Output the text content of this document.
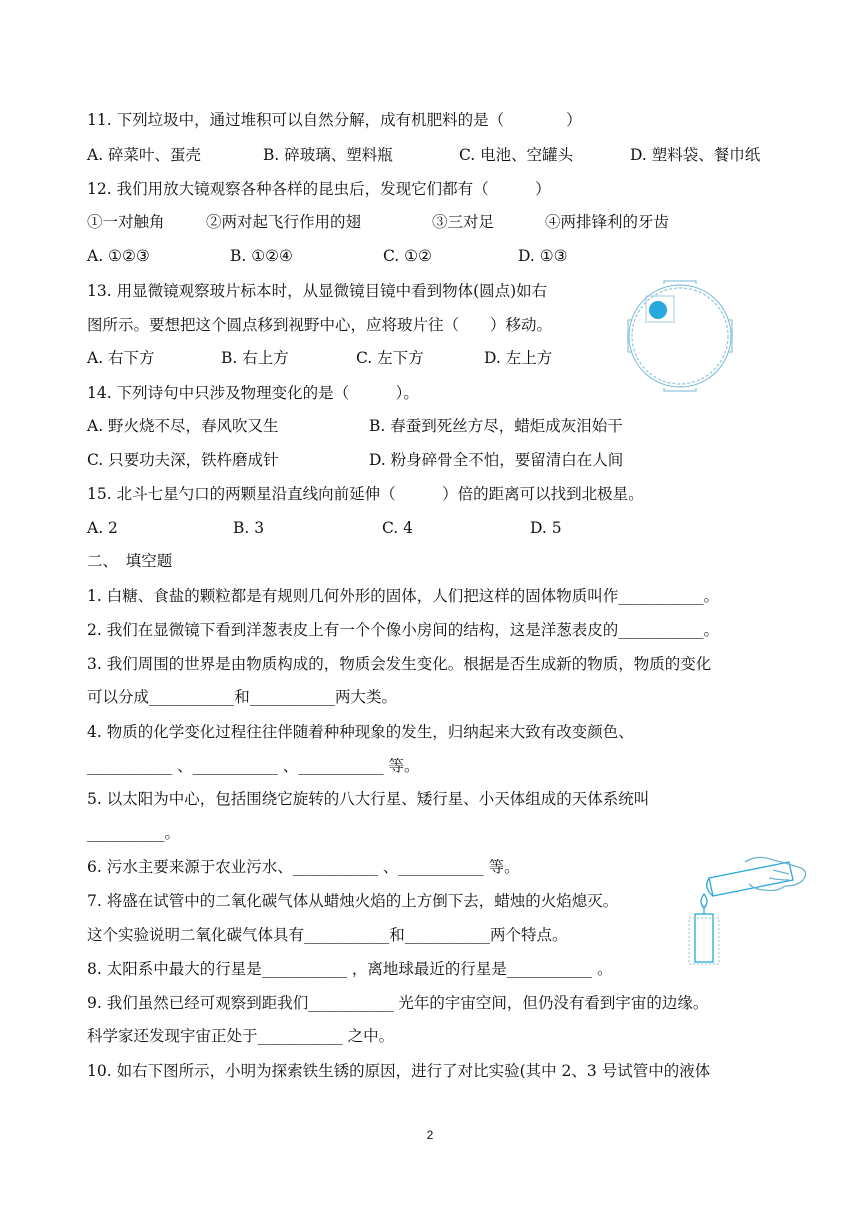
11. 下列垃圾中，通过堆积可以自然分解，成有机肥料的是（　　　　）
A. 碎菜叶、蛋壳	B. 碎玻璃、塑料瓶	C. 电池、空罐头	D. 塑料袋、餐巾纸
12. 我们用放大镜观察各种各样的昆虫后，发现它们都有（　　　）
①一对触角	②两对起飞行作用的翅	③三对足	④两排锋利的牙齿
A. ①②③	B. ①②④	C. ①②	D. ①③
13. 用显微镜观察玻片标本时，从显微镜目镜中看到物体(圆点)如右
图所示。要想把这个圆点移到视野中心，应将玻片往（　　）移动。
A. 右下方	B. 右上方	C. 左下方	D. 左上方
14. 下列诗句中只涉及物理变化的是（　　　）。
A. 野火烧不尽，春风吹又生	B. 春蚕到死丝方尽，蜡炬成灰泪始干
C. 只要功夫深，铁杵磨成针	D. 粉身碎骨全不怕，要留清白在人间
15. 北斗七星勺口的两颗星沿直线向前延伸（　　　）倍的距离可以找到北极星。
A. 2	B. 3	C. 4	D. 5
二、　填空题
1. 白糖、食盐的颗粒都是有规则几何外形的固体，人们把这样的固体物质叫作___________。
2. 我们在显微镜下看到洋葱表皮上有一个个像小房间的结构，这是洋葱表皮的___________。
3. 我们周围的世界是由物质构成的，物质会发生变化。根据是否生成新的物质，物质的变化
可以分成___________和___________两大类。
4. 物质的化学变化过程往往伴随着种种现象的发生，归纳起来大致有改变颜色、
___________ 、___________ 、___________ 等。
5. 以太阳为中心，包括围绕它旋转的八大行星、矮行星、小天体组成的天体系统叫
__________。
6. 污水主要来源于农业污水、___________ 、___________ 等。
7. 将盛在试管中的二氧化碳气体从蜡烛火焰的上方倒下去，蜡烛的火焰熄灭。
这个实验说明二氧化碳气体具有___________和___________两个特点。
8. 太阳系中最大的行星是___________ ，离地球最近的行星是___________ 。
9. 我们虽然已经可观察到距我们___________ 光年的宇宙空间，但仍没有看到宇宙的边缘。
科学家还发现宇宙正处于___________ 之中。
10. 如右下图所示，小明为探索铁生锈的原因，进行了对比实验(其中 2、3 号试管中的液体
2
